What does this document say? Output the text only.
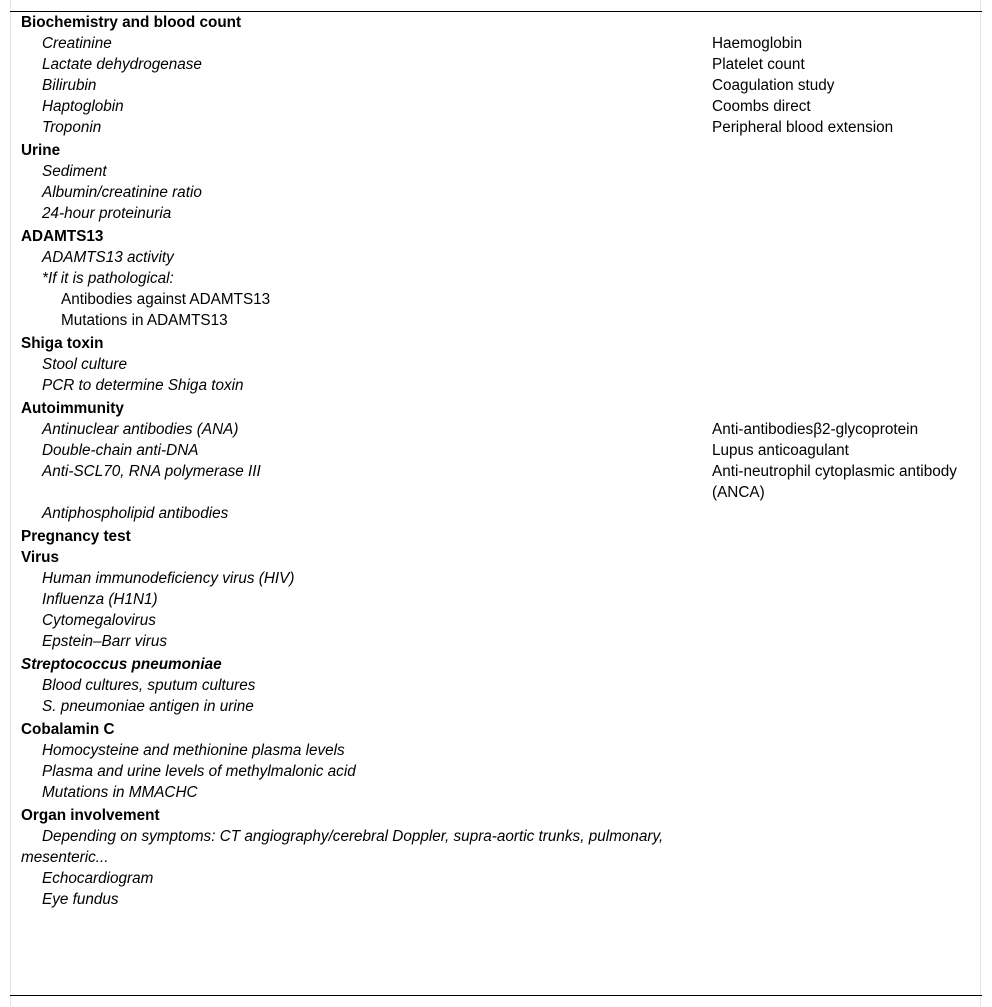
Biochemistry and blood count
Creatinine	Haemoglobin
Lactate dehydrogenase	Platelet count
Bilirubin	Coagulation study
Haptoglobin	Coombs direct
Troponin	Peripheral blood extension
Urine
Sediment
Albumin/creatinine ratio
24-hour proteinuria
ADAMTS13
ADAMTS13 activity
*If it is pathological:
Antibodies against ADAMTS13
Mutations in ADAMTS13
Shiga toxin
Stool culture
PCR to determine Shiga toxin
Autoimmunity
Antinuclear antibodies (ANA)	Anti-antibodiesβ2-glycoprotein
Double-chain anti-DNA	Lupus anticoagulant
Anti-SCL70, RNA polymerase III	Anti-neutrophil cytoplasmic antibody (ANCA)
Antiphospholipid antibodies
Pregnancy test
Virus
Human immunodeficiency virus (HIV)
Influenza (H1N1)
Cytomegalovirus
Epstein–Barr virus
Streptococcus pneumoniae
Blood cultures, sputum cultures
S. pneumoniae antigen in urine
Cobalamin C
Homocysteine and methionine plasma levels
Plasma and urine levels of methylmalonic acid
Mutations in MMACHC
Organ involvement
Depending on symptoms: CT angiography/cerebral Doppler, supra-aortic trunks, pulmonary, mesenteric...
Echocardiogram
Eye fundus
